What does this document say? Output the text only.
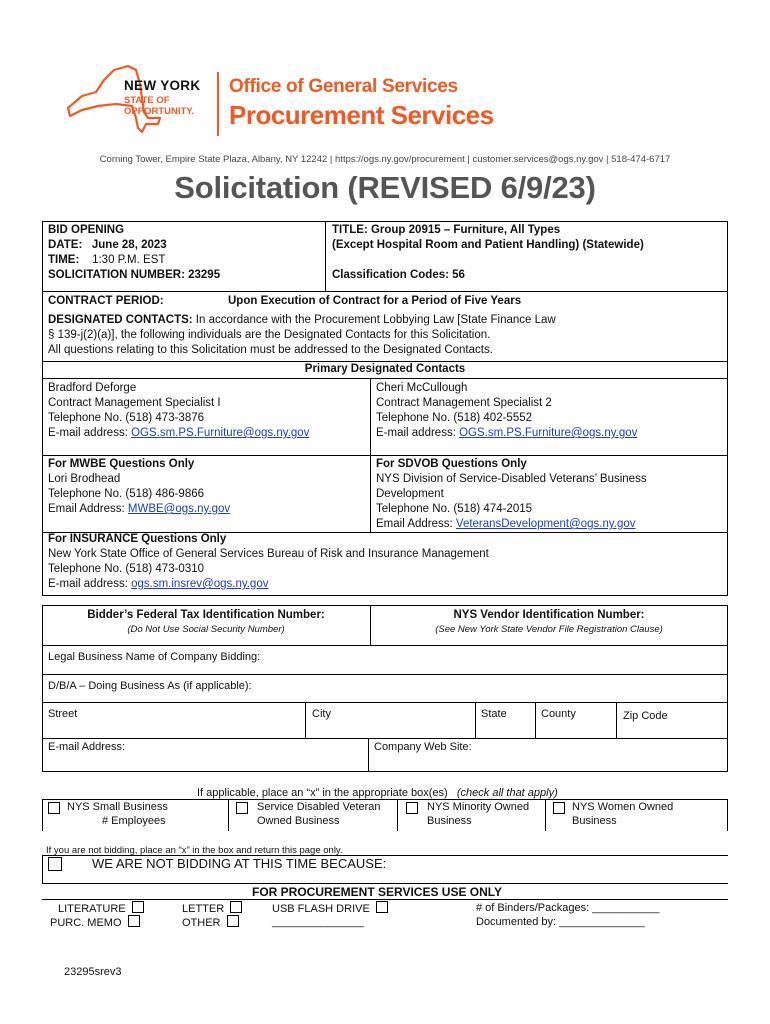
NEW YORK
STATE OF
OPPORTUNITY.
Office of General Services
Procurement Services
Corning Tower, Empire State Plaza, Albany, NY 12242 | https://ogs.ny.gov/procurement | customer.services@ogs.ny.gov | 518-474-6717
Solicitation (REVISED 6/9/23)
BID OPENING
DATE: June 28, 2023
TIME: 1:30 P.M. EST
SOLICITATION NUMBER: 23295
TITLE: Group 20915 – Furniture, All Types
(Except Hospital Room and Patient Handling) (Statewide)
Classification Codes: 56
CONTRACT PERIOD:	Upon Execution of Contract for a Period of Five Years
DESIGNATED CONTACTS: In accordance with the Procurement Lobbying Law [State Finance Law
§ 139-j(2)(a)], the following individuals are the Designated Contacts for this Solicitation.
All questions relating to this Solicitation must be addressed to the Designated Contacts.
Primary Designated Contacts
Bradford Deforge
Contract Management Specialist I
Telephone No. (518) 473-3876
E-mail address: OGS.sm.PS.Furniture@ogs.ny.gov
Cheri McCullough
Contract Management Specialist 2
Telephone No. (518) 402-5552
E-mail address: OGS.sm.PS.Furniture@ogs.ny.gov
For MWBE Questions Only
Lori Brodhead
Telephone No. (518) 486-9866
Email Address: MWBE@ogs.ny.gov
For SDVOB Questions Only
NYS Division of Service-Disabled Veterans’ Business
Development
Telephone No. (518) 474-2015
Email Address: VeteransDevelopment@ogs.ny.gov
For INSURANCE Questions Only
New York State Office of General Services Bureau of Risk and Insurance Management
Telephone No. (518) 473-0310
E-mail address: ogs.sm.insrev@ogs.ny.gov
Bidder’s Federal Tax Identification Number:
(Do Not Use Social Security Number)
NYS Vendor Identification Number:
(See New York State Vendor File Registration Clause)
Legal Business Name of Company Bidding:
D/B/A – Doing Business As (if applicable):
Street	City	State	County	Zip Code
E-mail Address:	Company Web Site:
If applicable, place an “x” in the appropriate box(es) (check all that apply)
NYS Small Business
# Employees
Service Disabled Veteran
Owned Business
NYS Minority Owned
Business
NYS Women Owned
Business
If you are not bidding, place an “x” in the box and return this page only.
WE ARE NOT BIDDING AT THIS TIME BECAUSE:
FOR PROCUREMENT SERVICES USE ONLY
LITERATURE
PURC. MEMO
LETTER
OTHER
USB FLASH DRIVE
_______________
# of Binders/Packages: ___________
Documented by: ______________
23295srev3
